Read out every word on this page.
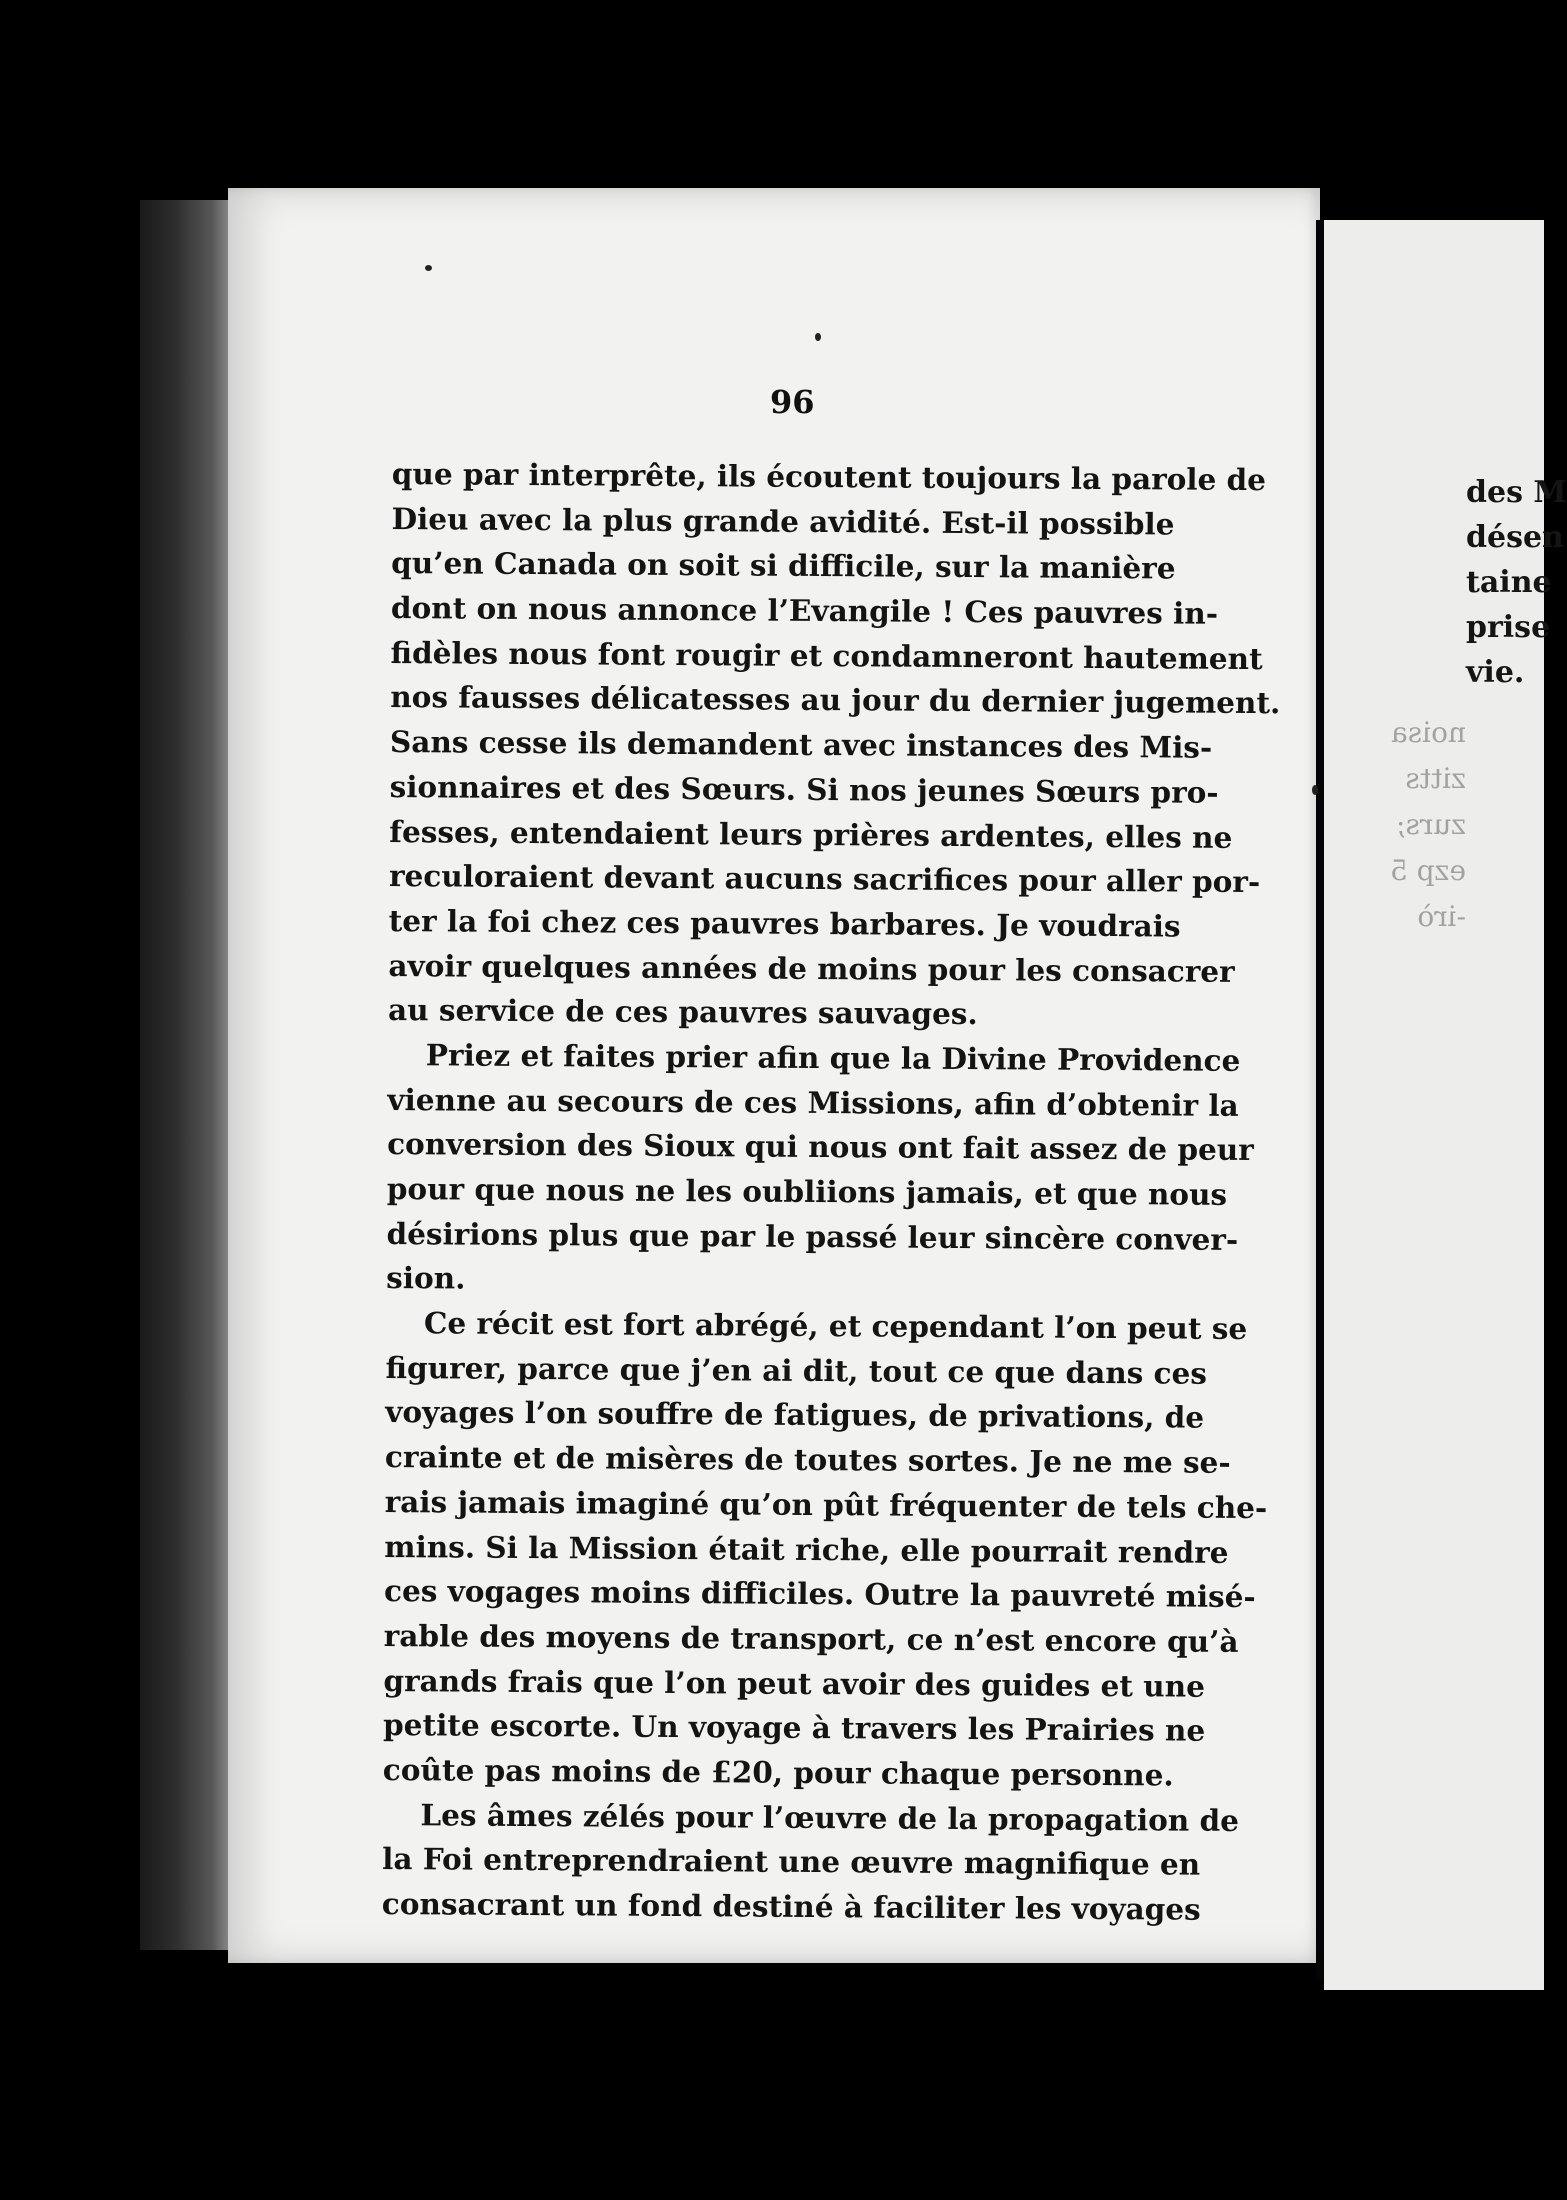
96
que par interprête, ils écoutent toujours la parole de
Dieu avec la plus grande avidité. Est-il possible
qu’en Canada on soit si difficile, sur la manière
dont on nous annonce l’Evangile ! Ces pauvres in-
fidèles nous font rougir et condamneront hautement
nos fausses délicatesses au jour du dernier jugement.
Sans cesse ils demandent avec instances des Mis-
sionnaires et des Sœurs. Si nos jeunes Sœurs pro-
fesses, entendaient leurs prières ardentes, elles ne
reculoraient devant aucuns sacrifices pour aller por-
ter la foi chez ces pauvres barbares. Je voudrais
avoir quelques années de moins pour les consacrer
au service de ces pauvres sauvages.
Priez et faites prier afin que la Divine Providence
vienne au secours de ces Missions, afin d’obtenir la
conversion des Sioux qui nous ont fait assez de peur
pour que nous ne les oubliions jamais, et que nous
désirions plus que par le passé leur sincère conver-
sion.
Ce récit est fort abrégé, et cependant l’on peut se
figurer, parce que j’en ai dit, tout ce que dans ces
voyages l’on souffre de fatigues, de privations, de
crainte et de misères de toutes sortes. Je ne me se-
rais jamais imaginé qu’on pût fréquenter de tels che-
mins. Si la Mission était riche, elle pourrait rendre
ces vogages moins difficiles. Outre la pauvreté misé-
rable des moyens de transport, ce n’est encore qu’à
grands frais que l’on peut avoir des guides et une
petite escorte. Un voyage à travers les Prairies ne
coûte pas moins de £20, pour chaque personne.
Les âmes zélés pour l’œuvre de la propagation de
la Foi entreprendraient une œuvre magnifique en
consacrant un fond destiné à faciliter les voyages
des M
désen
taine
prise
vie.
noisa
zitts
zurs;
ezp 5
-irò
